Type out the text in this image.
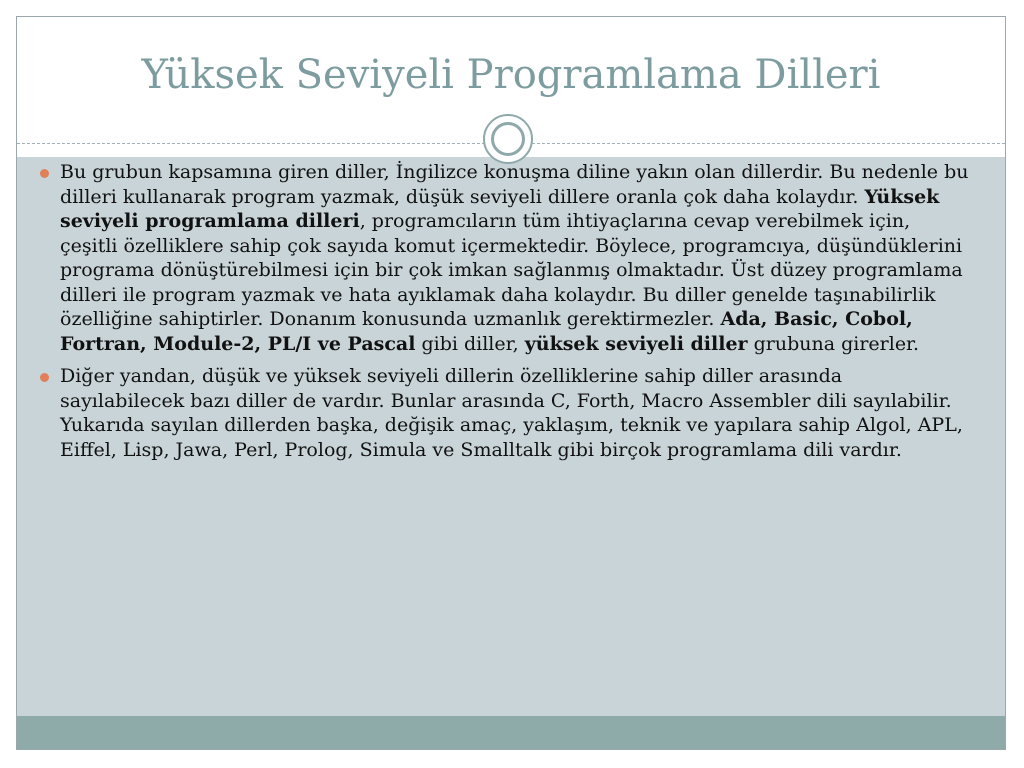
Yüksek Seviyeli Programlama Dilleri
Bu grubun kapsamına giren diller, İngilizce konuşma diline yakın olan dillerdir. Bu nedenle bu dilleri kullanarak program yazmak, düşük seviyeli dillere oranla çok daha kolaydır. Yüksek seviyeli programlama dilleri, programcıların tüm ihtiyaçlarına cevap verebilmek için, çeşitli özelliklere sahip çok sayıda komut içermektedir. Böylece, programcıya, düşündüklerini programa dönüştürebilmesi için bir çok imkan sağlanmış olmaktadır. Üst düzey programlama dilleri ile program yazmak ve hata ayıklamak daha kolaydır. Bu diller genelde taşınabilirlik özelliğine sahiptirler. Donanım konusunda uzmanlık gerektirmezler. Ada, Basic, Cobol, Fortran, Module-2, PL/I ve Pascal gibi diller, yüksek seviyeli diller grubuna girerler.
Diğer yandan, düşük ve yüksek seviyeli dillerin özelliklerine sahip diller arasında sayılabilecek bazı diller de vardır. Bunlar arasında C, Forth, Macro Assembler dili sayılabilir. Yukarıda sayılan dillerden başka, değişik amaç, yaklaşım, teknik ve yapılara sahip Algol, APL, Eiffel, Lisp, Jawa, Perl, Prolog, Simula ve Smalltalk gibi birçok programlama dili vardır.
